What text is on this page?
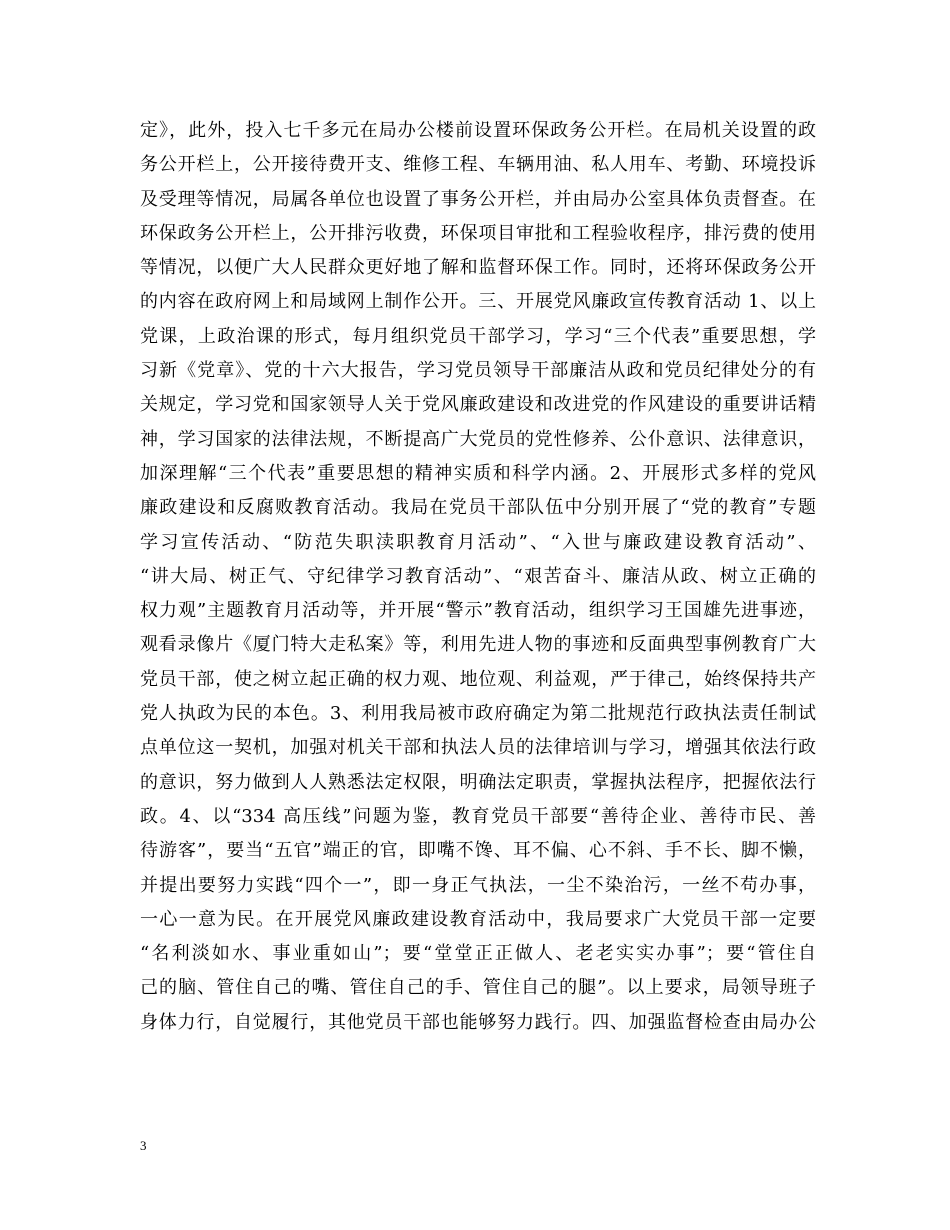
定》，此外，投入七千多元在局办公楼前设置环保政务公开栏。在局机关设置的政
务公开栏上，公开接待费开支、维修工程、车辆用油、私人用车、考勤、环境投诉
及受理等情况，局属各单位也设置了事务公开栏，并由局办公室具体负责督查。在
环保政务公开栏上，公开排污收费，环保项目审批和工程验收程序，排污费的使用
等情况，以便广大人民群众更好地了解和监督环保工作。同时，还将环保政务公开
的内容在政府网上和局域网上制作公开。三、开展党风廉政宣传教育活动 1、以上
党课，上政治课的形式，每月组织党员干部学习，学习“三个代表”重要思想，学
习新《党章》、党的十六大报告，学习党员领导干部廉洁从政和党员纪律处分的有
关规定，学习党和国家领导人关于党风廉政建设和改进党的作风建设的重要讲话精
神，学习国家的法律法规，不断提高广大党员的党性修养、公仆意识、法律意识，
加深理解“三个代表”重要思想的精神实质和科学内涵。2、开展形式多样的党风
廉政建设和反腐败教育活动。我局在党员干部队伍中分别开展了“党的教育”专题
学习宣传活动、“防范失职渎职教育月活动”、“入世与廉政建设教育活动”、
“讲大局、树正气、守纪律学习教育活动”、“艰苦奋斗、廉洁从政、树立正确的
权力观”主题教育月活动等，并开展“警示”教育活动，组织学习王国雄先进事迹，
观看录像片《厦门特大走私案》等，利用先进人物的事迹和反面典型事例教育广大
党员干部，使之树立起正确的权力观、地位观、利益观，严于律己，始终保持共产
党人执政为民的本色。3、利用我局被市政府确定为第二批规范行政执法责任制试
点单位这一契机，加强对机关干部和执法人员的法律培训与学习，增强其依法行政
的意识，努力做到人人熟悉法定权限，明确法定职责，掌握执法程序，把握依法行
政。4、以“334 高压线”问题为鉴，教育党员干部要“善待企业、善待市民、善
待游客”，要当“五官”端正的官，即嘴不馋、耳不偏、心不斜、手不长、脚不懒，
并提出要努力实践“四个一”，即一身正气执法，一尘不染治污，一丝不苟办事，
一心一意为民。在开展党风廉政建设教育活动中，我局要求广大党员干部一定要
“名利淡如水、事业重如山”；要“堂堂正正做人、老老实实办事”；要“管住自
己的脑、管住自己的嘴、管住自己的手、管住自己的腿”。以上要求，局领导班子
身体力行，自觉履行，其他党员干部也能够努力践行。四、加强监督检查由局办公
3
